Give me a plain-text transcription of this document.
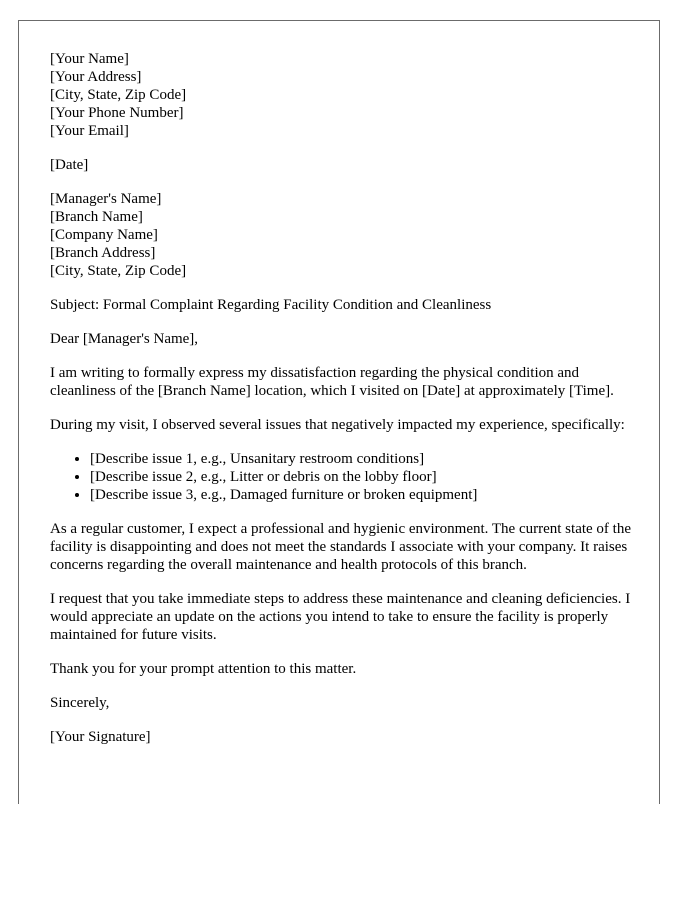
[Your Name]
[Your Address]
[City, State, Zip Code]
[Your Phone Number]
[Your Email]
[Date]
[Manager's Name]
[Branch Name]
[Company Name]
[Branch Address]
[City, State, Zip Code]

Subject: Formal Complaint Regarding Facility Condition and Cleanliness

Dear [Manager's Name],

I am writing to formally express my dissatisfaction regarding the physical condition and cleanliness of the [Branch Name] location, which I visited on [Date] at approximately [Time].

During my visit, I observed several issues that negatively impacted my experience, specifically:

• [Describe issue 1, e.g., Unsanitary restroom conditions]
• [Describe issue 2, e.g., Litter or debris on the lobby floor]
• [Describe issue 3, e.g., Damaged furniture or broken equipment]

As a regular customer, I expect a professional and hygienic environment. The current state of the facility is disappointing and does not meet the standards I associate with your company. It raises concerns regarding the overall maintenance and health protocols of this branch.

I request that you take immediate steps to address these maintenance and cleaning deficiencies. I would appreciate an update on the actions you intend to take to ensure the facility is properly maintained for future visits.

Thank you for your prompt attention to this matter.

Sincerely,

[Your Signature]
